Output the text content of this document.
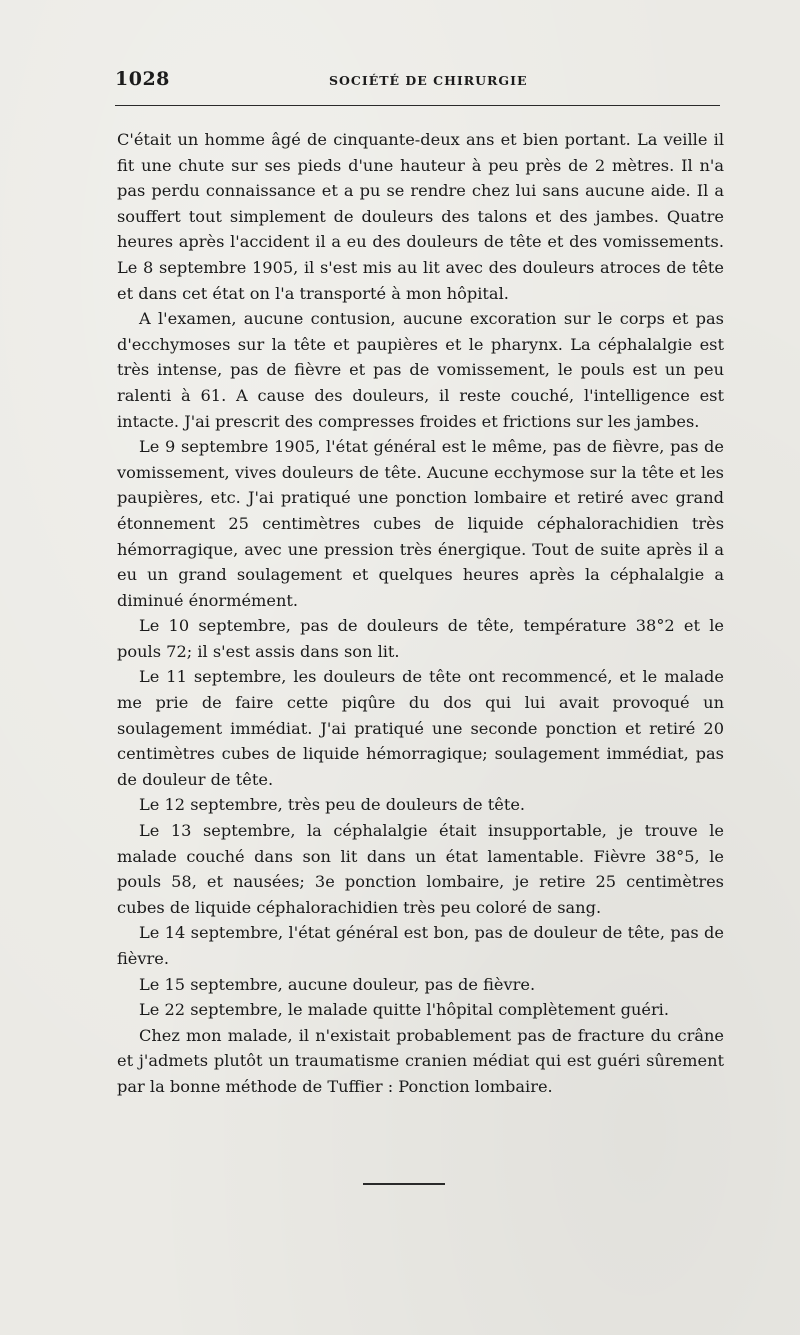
1028	SOCIÉTÉ DE CHIRURGIE

C'était un homme âgé de cinquante-deux ans et bien portant. La veille il fit une chute sur ses pieds d'une hauteur à peu près de 2 mètres. Il n'a pas perdu connaissance et a pu se rendre chez lui sans aucune aide. Il a souffert tout simplement de douleurs des talons et des jambes. Quatre heures après l'accident il a eu des douleurs de tête et des vomissements. Le 8 septembre 1905, il s'est mis au lit avec des douleurs atroces de tête et dans cet état on l'a transporté à mon hôpital.

A l'examen, aucune contusion, aucune excoration sur le corps et pas d'ecchymoses sur la tête et paupières et le pharynx. La céphalalgie est très intense, pas de fièvre et pas de vomissement, le pouls est un peu ralenti à 61. A cause des douleurs, il reste couché, l'intelligence est intacte. J'ai prescrit des compresses froides et frictions sur les jambes.

Le 9 septembre 1905, l'état général est le même, pas de fièvre, pas de vomissement, vives douleurs de tête. Aucune ecchymose sur la tête et les paupières, etc. J'ai pratiqué une ponction lombaire et retiré avec grand étonnement 25 centimètres cubes de liquide céphalorachidien très hémorragique, avec une pression très énergique. Tout de suite après il a eu un grand soulagement et quelques heures après la céphalalgie a diminué énormément.

Le 10 septembre, pas de douleurs de tête, température 38°2 et le pouls 72; il s'est assis dans son lit.

Le 11 septembre, les douleurs de tête ont recommencé, et le malade me prie de faire cette piqûre du dos qui lui avait provoqué un soulagement immédiat. J'ai pratiqué une seconde ponction et retiré 20 centimètres cubes de liquide hémorragique; soulagement immédiat, pas de douleur de tête.

Le 12 septembre, très peu de douleurs de tête.

Le 13 septembre, la céphalalgie était insupportable, je trouve le malade couché dans son lit dans un état lamentable. Fièvre 38°5, le pouls 58, et nausées; 3e ponction lombaire, je retire 25 centimètres cubes de liquide céphalorachidien très peu coloré de sang.

Le 14 septembre, l'état général est bon, pas de douleur de tête, pas de fièvre.

Le 15 septembre, aucune douleur, pas de fièvre.

Le 22 septembre, le malade quitte l'hôpital complètement guéri.

Chez mon malade, il n'existait probablement pas de fracture du crâne et j'admets plutôt un traumatisme cranien médiat qui est guéri sûrement par la bonne méthode de Tuffier : Ponction lombaire.
